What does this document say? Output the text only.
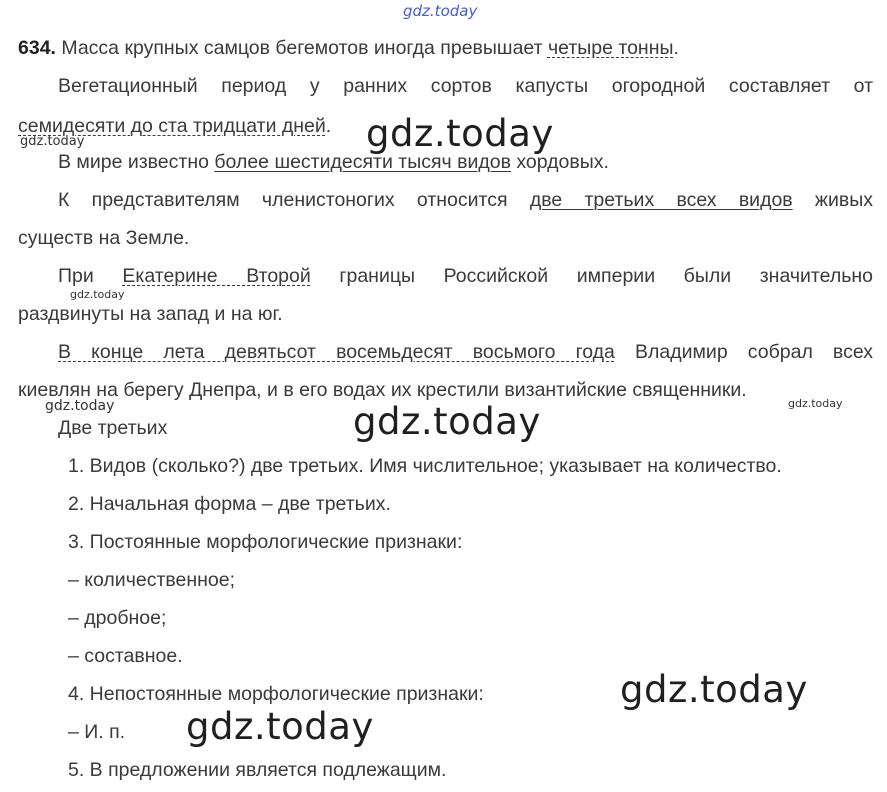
gdz.today
634. Масса крупных самцов бегемотов иногда превышает четыре тонны.
Вегетационный период у ранних сортов капусты огородной составляет от
семидесяти до ста тридцати дней.
В мире известно более шестидесяти тысяч видов хордовых.
К представителям членистоногих относится две третьих всех видов живых
существ на Земле.
При Екатерине Второй границы Российской империи были значительно
раздвинуты на запад и на юг.
В конце лета девятьсот восемьдесят восьмого года Владимир собрал всех
киевлян на берегу Днепра, и в его водах их крестили византийские священники.
Две третьих
1. Видов (сколько?) две третьих. Имя числительное; указывает на количество.
2. Начальная форма – две третьих.
3. Постоянные морфологические признаки:
– количественное;
– дробное;
– составное.
4. Непостоянные морфологические признаки:
– И. п.
5. В предложении является подлежащим.
gdz.today
gdz.today
gdz.today
gdz.today	gdz.today
gdz.today
gdz.today
gdz.today
